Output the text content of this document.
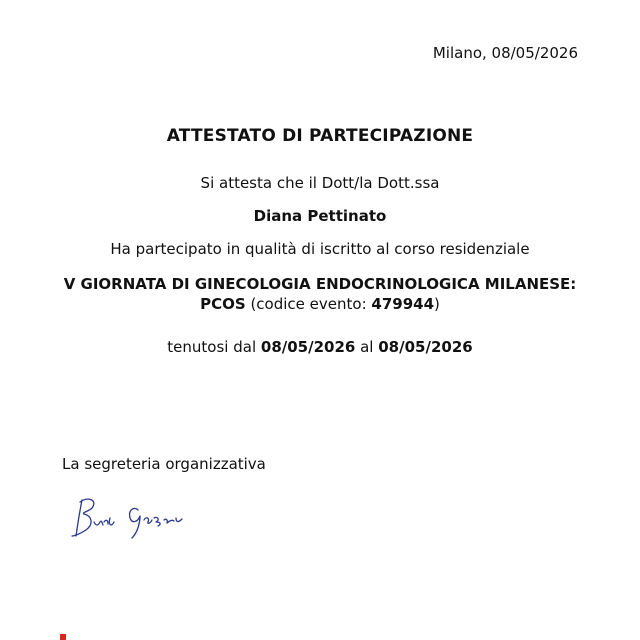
Milano, 08/05/2026
ATTESTATO DI PARTECIPAZIONE
Si attesta che il Dott/la Dott.ssa
Diana Pettinato
Ha partecipato in qualità di iscritto al corso residenziale
V GIORNATA DI GINECOLOGIA ENDOCRINOLOGICA MILANESE:
PCOS (codice evento: 479944)
tenutosi dal 08/05/2026 al 08/05/2026
La segreteria organizzativa
